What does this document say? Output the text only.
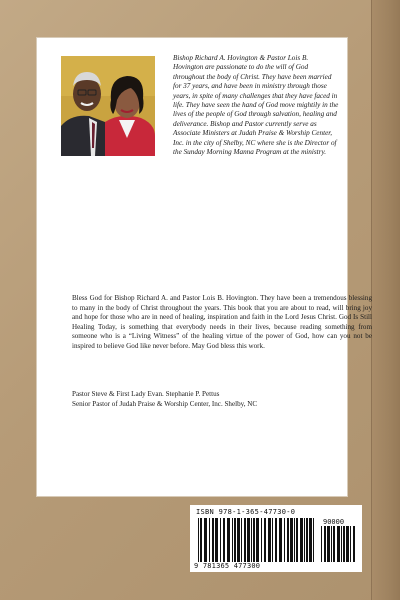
Bishop Richard A. Hovington & Pastor Lois B. Hovington are passionate to do the will of God throughout the body of Christ. They have been married for 37 years, and have been in ministry through those years, in spite of many challenges that they have faced in life. They have seen the hand of God move mightily in the lives of the people of God through salvation, healing and deliverance. Bishop and Pastor currently serve as Associate Ministers at Judah Praise & Worship Center, Inc. in the city of Shelby, NC where she is the Director of the Sunday Morning Manna Program at the ministry.

Bless God for Bishop Richard A. and Pastor Lois B. Hovington. They have been a tremendous blessing to many in the body of Christ throughout the years. This book that you are about to read, will bring joy and hope for those who are in need of healing, inspiration and faith in the Lord Jesus Christ. God Is Still Healing Today, is something that everybody needs in their lives, because reading something from someone who is a “Living Witness” of the healing virtue of the power of God, how can you not be inspired to believe God like never before. May God bless this work.

Pastor Steve & First Lady Evan. Stephanie P. Pettus
Senior Pastor of Judah Praise & Worship Center, Inc. Shelby, NC

ISBN 978-1-365-47730-0
90000
9 781365 477300
